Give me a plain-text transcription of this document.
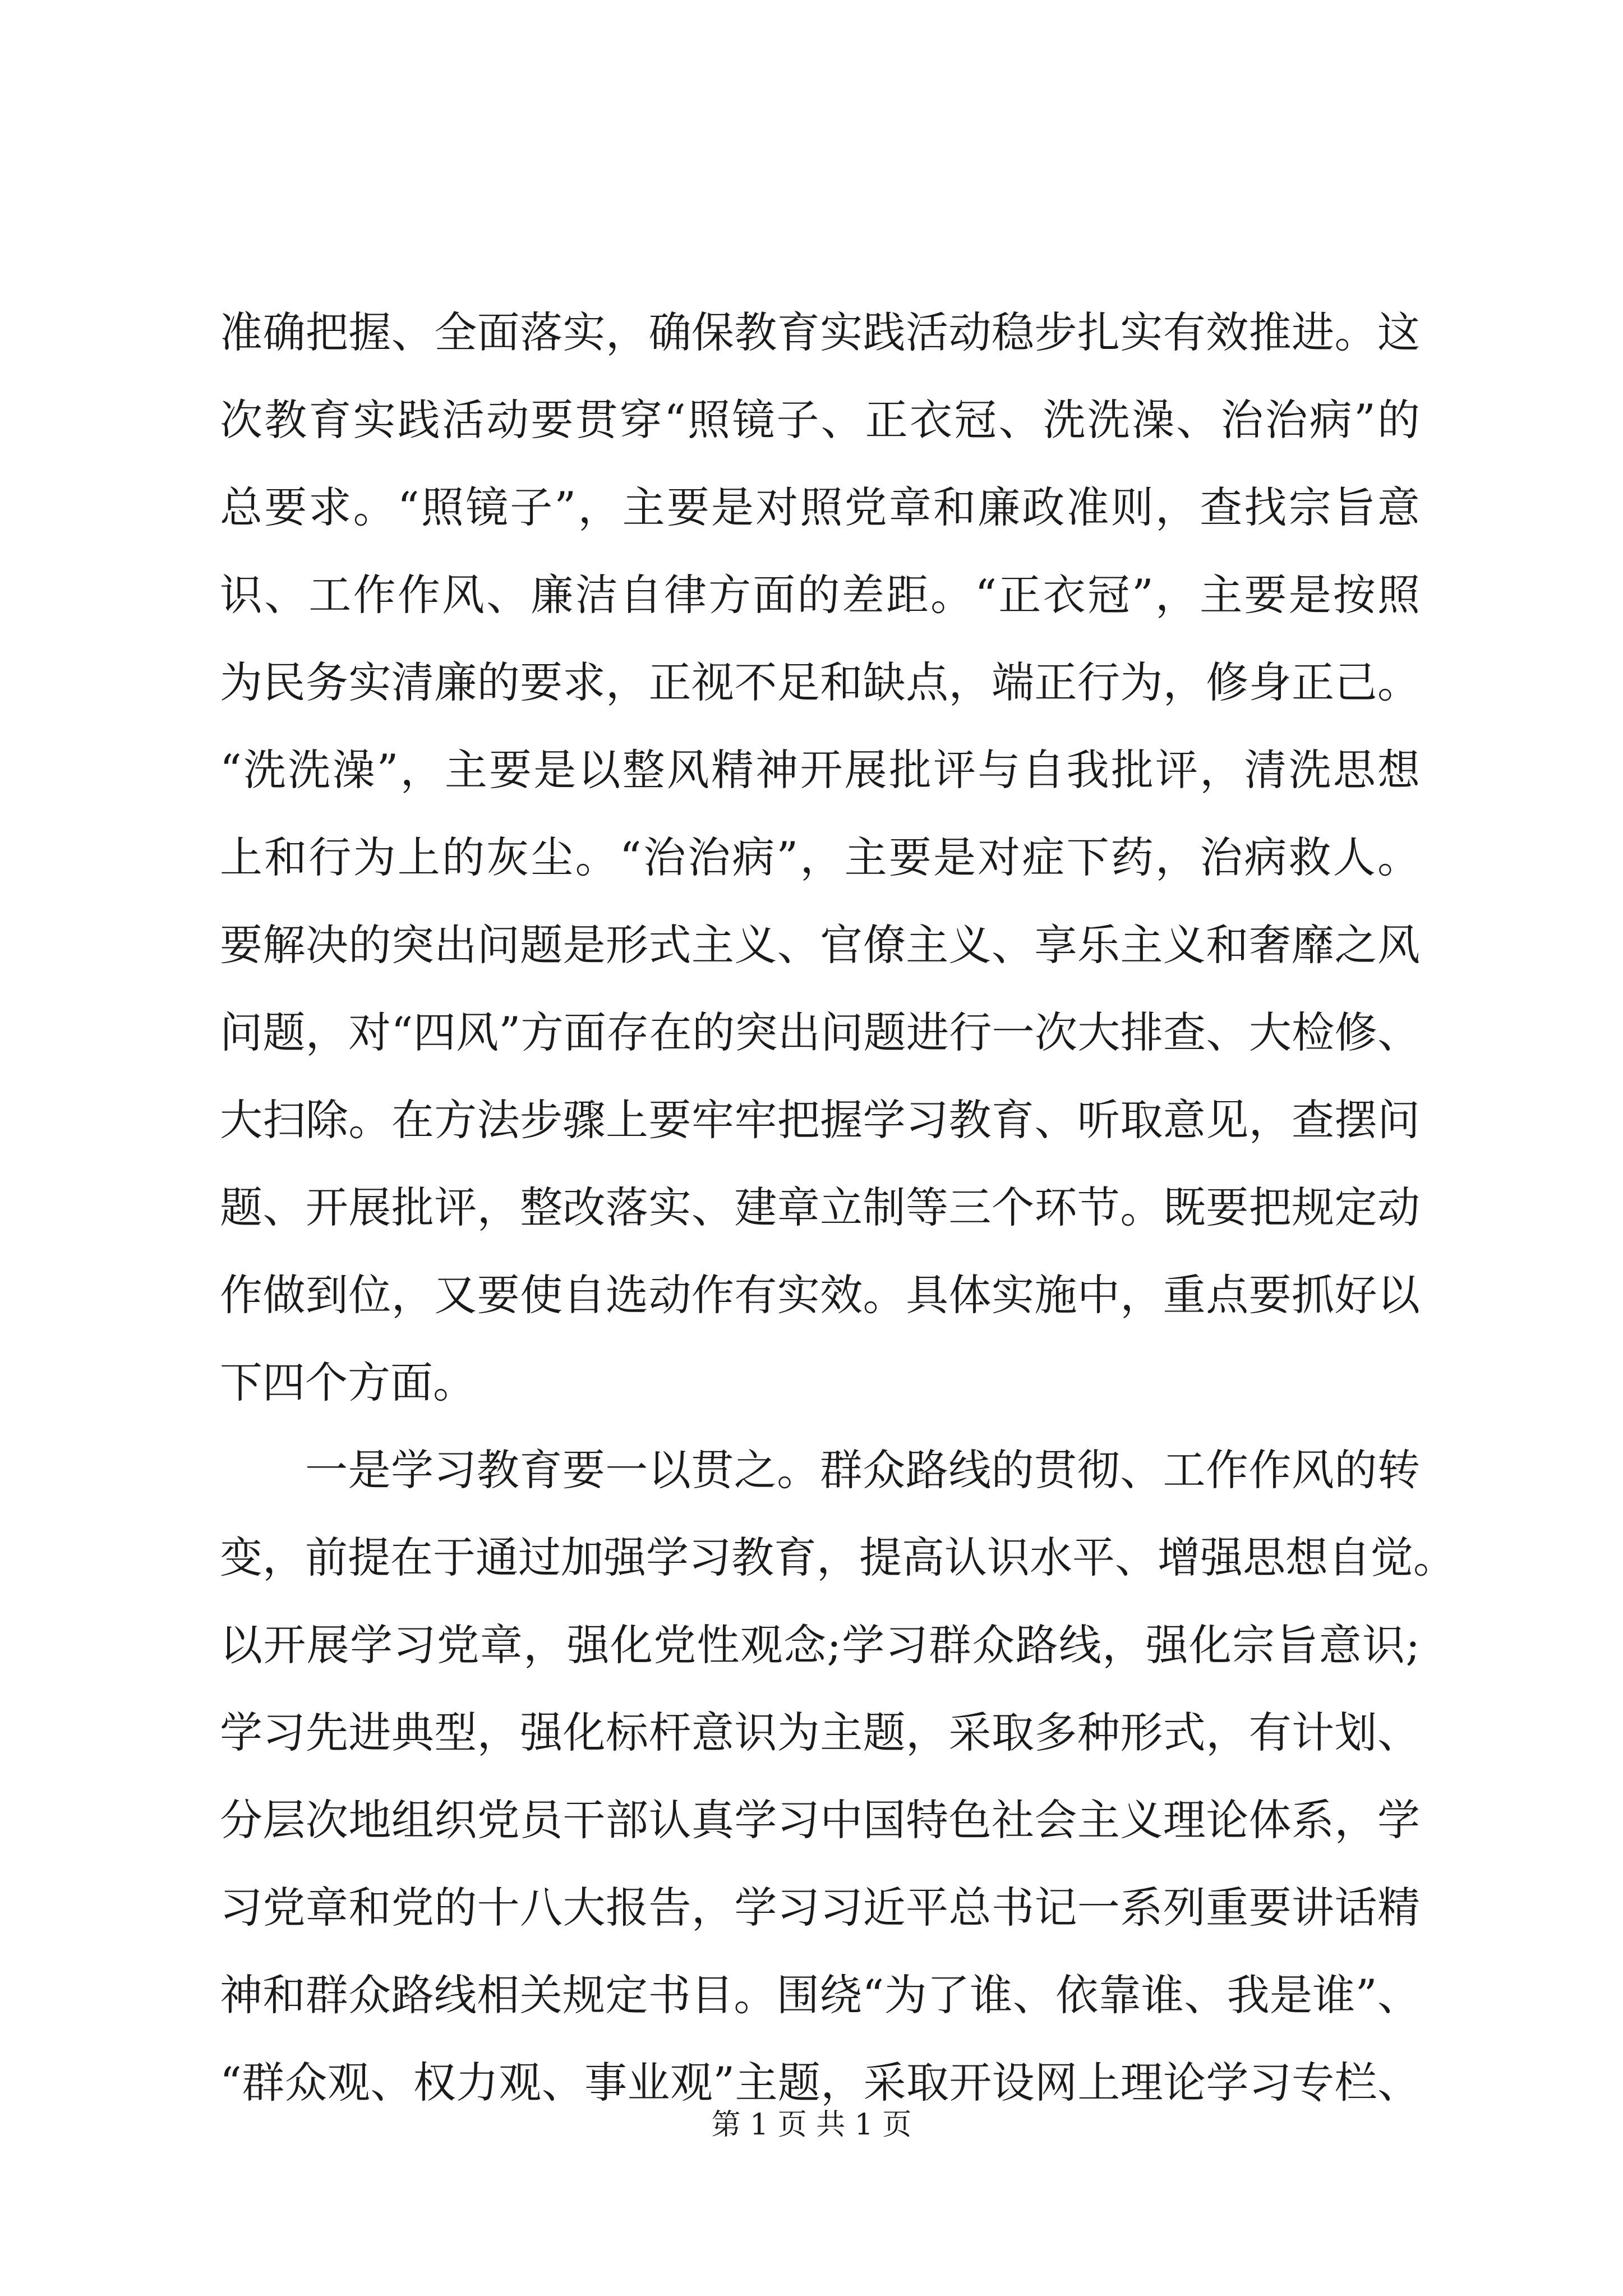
准确把握、全面落实，确保教育实践活动稳步扎实有效推进。这
次教育实践活动要贯穿“照镜子、正衣冠、洗洗澡、治治病”的
总要求。“照镜子”，主要是对照党章和廉政准则，查找宗旨意
识、工作作风、廉洁自律方面的差距。“正衣冠”，主要是按照
为民务实清廉的要求，正视不足和缺点，端正行为，修身正己。
“洗洗澡”，主要是以整风精神开展批评与自我批评，清洗思想
上和行为上的灰尘。“治治病”，主要是对症下药，治病救人。
要解决的突出问题是形式主义、官僚主义、享乐主义和奢靡之风
问题，对“四风”方面存在的突出问题进行一次大排查、大检修、
大扫除。在方法步骤上要牢牢把握学习教育、听取意见，查摆问
题、开展批评，整改落实、建章立制等三个环节。既要把规定动
作做到位，又要使自选动作有实效。具体实施中，重点要抓好以
下四个方面。
一是学习教育要一以贯之。群众路线的贯彻、工作作风的转
变，前提在于通过加强学习教育，提高认识水平、增强思想自觉。
以开展学习党章，强化党性观念;学习群众路线，强化宗旨意识;
学习先进典型，强化标杆意识为主题，采取多种形式，有计划、
分层次地组织党员干部认真学习中国特色社会主义理论体系，学
习党章和党的十八大报告，学习习近平总书记一系列重要讲话精
神和群众路线相关规定书目。围绕“为了谁、依靠谁、我是谁”、
“群众观、权力观、事业观”主题，采取开设网上理论学习专栏、
第 1 页 共 1 页
